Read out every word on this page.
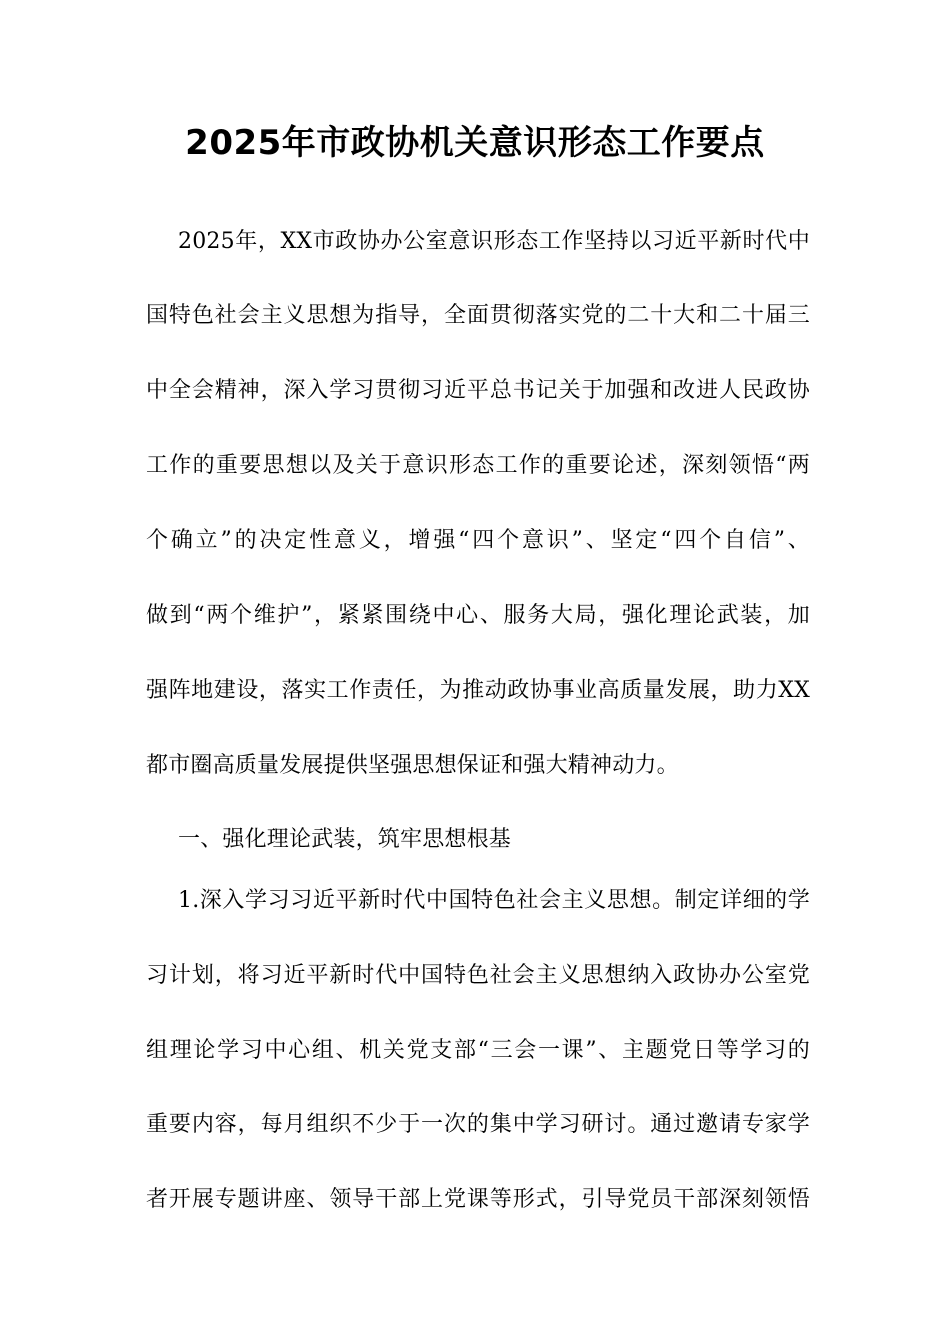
2025年市政协机关意识形态工作要点
2025年，XX市政协办公室意识形态工作坚持以习近平新时代中
国特色社会主义思想为指导，全面贯彻落实党的二十大和二十届三
中全会精神，深入学习贯彻习近平总书记关于加强和改进人民政协
工作的重要思想以及关于意识形态工作的重要论述，深刻领悟“两
个确立”的决定性意义，增强“四个意识”、坚定“四个自信”、
做到“两个维护”，紧紧围绕中心、服务大局，强化理论武装，加
强阵地建设，落实工作责任，为推动政协事业高质量发展，助力XX
都市圈高质量发展提供坚强思想保证和强大精神动力。
一、强化理论武装，筑牢思想根基
1.深入学习习近平新时代中国特色社会主义思想。制定详细的学
习计划，将习近平新时代中国特色社会主义思想纳入政协办公室党
组理论学习中心组、机关党支部“三会一课”、主题党日等学习的
重要内容，每月组织不少于一次的集中学习研讨。通过邀请专家学
者开展专题讲座、领导干部上党课等形式，引导党员干部深刻领悟
